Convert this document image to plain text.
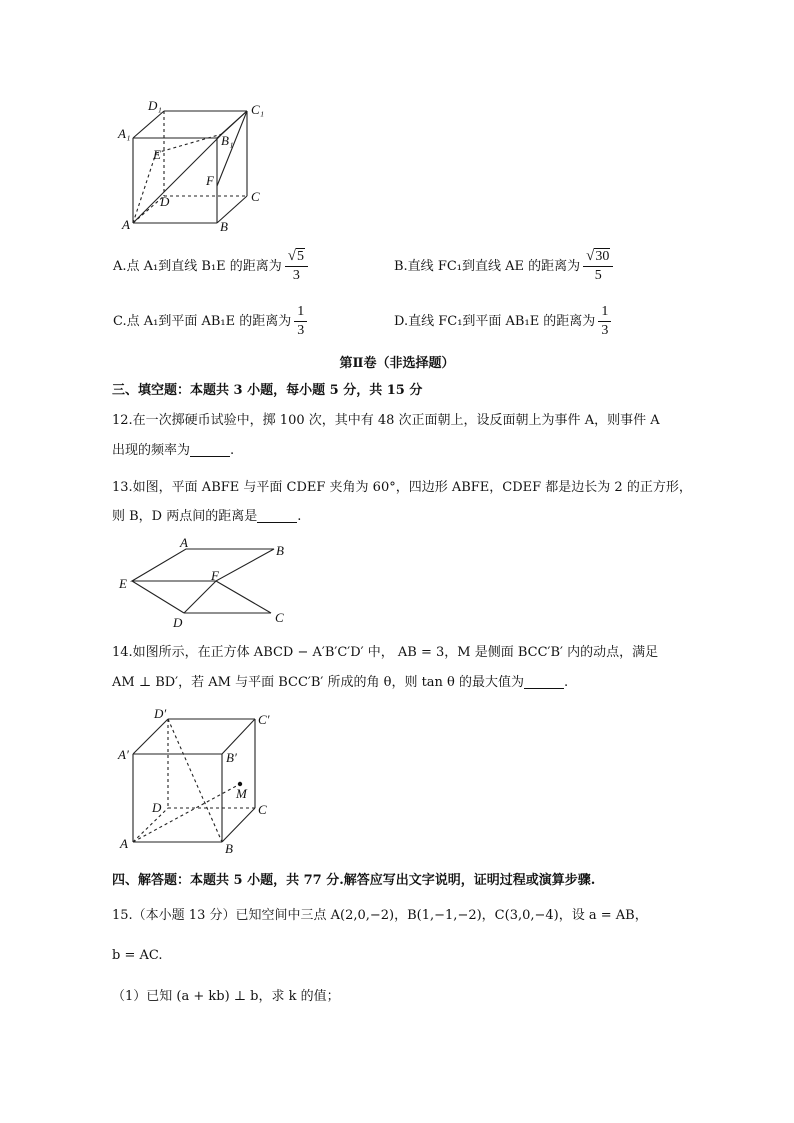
D₁	C₁
A₁	B₁
E
F
D	C
A	B
A.点 A₁到直线 B₁E 的距离为 $\frac{√ 5}{3}$	B.直线 FC₁到直线 AE 的距离为 $\frac{√ 30}{5}$
C.点 A₁到平面 AB₁E 的距离为 $\frac{1}{3}$	D.直线 FC₁到平面 AB₁E 的距离为 $\frac{1}{3}$
第Ⅱ卷（非选择题）
三、填空题：本题共 3 小题，每小题 5 分，共 15 分
12.在一次掷硬币试验中，掷 100 次，其中有 48 次正面朝上，设反面朝上为事件 A，则事件 A
出现的频率为	.
13.如图，平面 ABFE 与平面 CDEF 夹角为 60°，四边形 ABFE，CDEF 都是边长为 2 的正方形，
则 B，D 两点间的距离是	.
A
B
E
F
D	C
14.如图所示，在正方体 ABCD − A′B′C′D′ 中， AB = 3，M 是侧面 BCC′B′ 内的动点，满足
AM ⊥ BD′，若 AM 与平面 BCC′B′ 所成的角 θ，则 tan θ 的最大值为	.
D′	C′
A′	B′
M
D	C
A	B
四、解答题：本题共 5 小题，共 77 分.解答应写出文字说明，证明过程或演算步骤.
15.（本小题 13 分）已知空间中三点 A(2,0,−2)，B(1,−1,−2)，C(3,0,−4)，设 a = AB，
b = AC.
（1）已知 (a + kb) ⊥ b，求 k 的值；
